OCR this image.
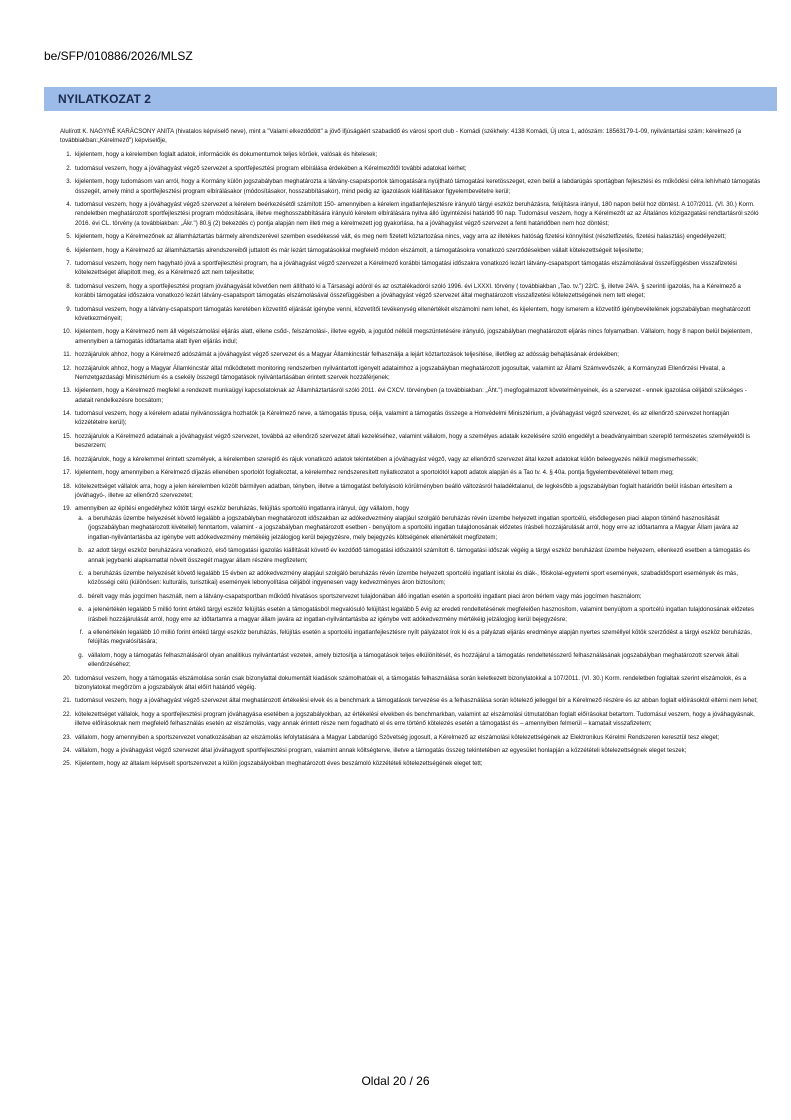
be/SFP/010886/2026/MLSZ
NYILATKOZAT 2

Alulírott K. NAGYNÉ KARÁCSONY ANITA (hivatalos képviselő neve), mint a "Valami elkezdődött" a jövő ifjúságáért szabadidő és városi sport club - Komádi (székhely: 4138 Komádi, Új utca 1, adószám: 18563179-1-09, nyilvántartási szám: kérelmező (a továbbiakban:„Kérelmező") képviselője,

1. kijelentem, hogy a kérelemben foglalt adatok, információk és dokumentumok teljes körűek, valósak és hitelesek;
2. tudomásul veszem, hogy a jóváhagyást végző szervezet a sportfejlesztési program elbírálása érdekében a Kérelmezőtől további adatokat kérhet;
3. kijelentem, hogy tudomásom van arról, hogy a Kormány külön jogszabályban meghatározta a látvány-csapatsportok támogatására nyújtható támogatási keretösszeget, ezen belül a labdarúgás sportágban fejlesztési és működési célra lehívható támogatás összegét, amely mind a sportfejlesztési program elbírálásakor (módosításakor, hosszabbításakor), mind pedig az igazolások kiállításakor figyelembevételre kerül;
4. tudomásul veszem, hogy a jóváhagyást végző szervezet a kérelem beérkezésétől számított 150- amennyiben a kérelem ingatlanfejlesztésre irányuló tárgyi eszköz beruházásra, felújításra irányul, 180 napon belül hoz döntést. A 107/2011. (VI. 30.) Korm. rendeletben meghatározott sportfejlesztési program módosítására, illetve meghosszabbítására irányuló kérelem elbírálására nyitva álló ügyintézési határidő 90 nap. Tudomásul veszem, hogy a Kérelmezőt az az Általános közigazgatási rendtartásról szóló 2016. évi CL. törvény (a továbbiakban: „Ákr.") 80.§ (2) bekezdés c) pontja alapján nem illeti meg a kérelmezett jog gyakorlása, ha a jóváhagyást végző szervezet a fenti határidőben nem hoz döntést;
5. kijelentem, hogy a Kérelmezőnek az államháztartás bármely alrendszerével szemben esedékessé vált, és meg nem fizetett köztartozása nincs, vagy arra az illetékes hatóság fizetési könnyítést (részletfizetés, fizetési halasztás) engedélyezett;
6. kijelentem, hogy a Kérelmező az államháztartás alrendszereiből juttatott és már lezárt támogatásokkal megfelelő módon elszámolt, a támogatásokra vonatkozó szerződésekben vállalt kötelezettségeit teljesítette;
7. tudomásul veszem, hogy nem hagyható jóvá a sportfejlesztési program, ha a jóváhagyást végző szervezet a Kérelmező korábbi támogatási időszakra vonatkozó lezárt látvány-csapatsport támogatás elszámolásával összefüggésben visszafizetési kötelezettséget állapított meg, és a Kérelmező azt nem teljesítette;
8. tudomásul veszem, hogy a sportfejlesztési program jóváhagyását követően nem állítható ki a Társasági adóról és az osztalékadóról szóló 1996. évi LXXXI. törvény ( továbbiakban „Tao. tv.") 22/C. §, illetve 24/A. § szerinti igazolás, ha a Kérelmező a korábbi támogatási időszakra vonatkozó lezárt látvány-csapatsport támogatás elszámolásával összefüggésben a jóváhagyást végző szervezet által meghatározott visszafizetési kötelezettségének nem tett eleget;
9. tudomásul veszem, hogy a látvány-csapatsport támogatás keretében közvetítő eljárását igénybe venni, közvetítői tevékenység ellenértékét elszámolni nem lehet, és kijelentem, hogy ismerem a közvetítő igénybevételének jogszabályban meghatározott következményeit;
10. kijelentem, hogy a Kérelmező nem áll végelszámolási eljárás alatt, ellene csőd-, felszámolási-, illetve egyéb, a jogutód nélküli megszüntetésére irányuló, jogszabályban meghatározott eljárás nincs folyamatban. Vállalom, hogy 8 napon belül bejelentem, amennyiben a támogatás időtartama alatt ilyen eljárás indul;
11. hozzájárulok ahhoz, hogy a Kérelmező adószámát a jóváhagyást végző szervezet és a Magyar Államkincstár felhasználja a lejárt köztartozások teljesítése, illetőleg az adósság behajtásának érdekében;
12. hozzájárulok ahhoz, hogy a Magyar Államkincstár által működtetett monitoring rendszerben nyilvántartott igényelt adataimhoz a jogszabályban meghatározott jogosultak, valamint az Állami Számvevőszék, a Kormányzati Ellenőrzési Hivatal, a Nemzetgazdasági Minisztérium és a csekély összegű támogatások nyilvántartásában érintett szervek hozzáférjenek;
13. kijelentem, hogy a Kérelmező megfelel a rendezett munkaügyi kapcsolatoknak az Államháztartásról szóló 2011. évi CXCV. törvényben (a továbbiakban: „Áht.") megfogalmazott követelményeinek, és a szervezet - ennek igazolása céljából szükséges - adatait rendelkezésre bocsátom;
14. tudomásul veszem, hogy a kérelem adatai nyilvánosságra hozhatók (a Kérelmező neve, a támogatás típusa, célja, valamint a támogatás összege a Honvédelmi Minisztérium, a jóváhagyást végző szervezet, és az ellenőrző szervezet honlapján közzétételre kerül);
15. hozzájárulok a Kérelmező adatainak a jóváhagyást végző szervezet, továbbá az ellenőrző szervezet általi kezeléséhez, valamint vállalom, hogy a személyes adataik kezelésére szóló engedélyt a beadványaimban szereplő természetes személyektől is beszerzem;
16. hozzájárulok, hogy a kérelemmel érintett személyek, a kérelemben szereplő és rájuk vonatkozó adatok tekintetében a jóváhagyást végző, vagy az ellenőrző szervezet által kezelt adatokat külön beleegyezés nélkül megismerhessék;
17. kijelentem, hogy amennyiben a Kérelmező díjazás ellenében sportolót foglalkoztat, a kérelemhez rendszeresített nyilatkozatot a sportolótól kapott adatok alapján és a Tao tv. 4. § 40a. pontja figyelembevételével tettem meg;
18. kötelezettséget vállalok arra, hogy a jelen kérelemben közölt bármilyen adatban, tényben, illetve a támogatást befolyásoló körülményben beálló változásról haladéktalanul, de legkésőbb a jogszabályban foglalt határidőn belül írásban értesítem a jóváhagyó-, illetve az ellenőrző szervezetet;
19. amennyiben az építési engedélyhez kötött tárgyi eszköz beruházás, felújítás sportcélú ingatlanra irányul, úgy vállalom, hogy
a. a beruházás üzembe helyezését követő legalább a jogszabályban meghatározott időszakban az adókedvezmény alapjául szolgáló beruházás révén üzembe helyezett ingatlan sportcélú, elsődlegesen piaci alapon történő hasznosítását (jogszabályban meghatározott kivétellel) fenntartom, valamint - a jogszabályban meghatározott esetben - benyújtom a sportcélú ingatlan tulajdonosának előzetes írásbeli hozzájárulását arról, hogy erre az időtartamra a Magyar Állam javára az ingatlan-nyilvántartásba az igénybe vett adókedvezmény mértékéig jelzálogjog kerül bejegyzésre, mely bejegyzés költségének ellenértékét megfizetem;
b. az adott tárgyi eszköz beruházásra vonatkozó, első támogatási igazolás kiállítását követő év kezdődő támogatási időszaktól számított 6. támogatási időszak végéig a tárgyi eszköz beruházást üzembe helyezem, ellenkező esetben a támogatás és annak jegybanki alapkamattal növelt összegét magyar állam részére megfizetem;
c. a beruházás üzembe helyezését követő legalább 15 évben az adókedvezmény alapjául szolgáló beruházás révén üzembe helyezett sportcélú ingatlant iskolai és diák-, főiskolai-egyetemi sport események, szabadidősport események és más, közösségi célú (különösen: kulturális, turisztikai) események lebonyolítása céljából ingyenesen vagy kedvezményes áron biztosítom;
d. bérelt vagy más jogcímen használt, nem a látvány-csapatsportban működő hivatásos sportszervezet tulajdonában álló ingatlan esetén a sportcélú ingatlant piaci áron bérlem vagy más jogcímen használom;
e. a jelenértékén legalább 5 millió forint értékű tárgyi eszköz felújítás esetén a támogatásból megvalósuló felújítást legalább 5 évig az eredeti rendeltetésének megfelelően hasznosítom, valamint benyújtom a sportcélú ingatlan tulajdonosának előzetes írásbeli hozzájárulását arról, hogy erre az időtartamra a magyar állam javára az ingatlan-nyilvántartásba az igénybe vett adókedvezmény mértékéig jelzálogjog kerül bejegyzésre;
f. a ellenértékén legalább 10 millió forint értékű tárgyi eszköz beruházás, felújítás esetén a sportcélú ingatlanfejlesztésre nyílt pályázatot írok ki és a pályázati eljárás eredménye alapján nyertes személlyel kötök szerződést a tárgyi eszköz beruházás, felújítás megvalósítására;
g. vállalom, hogy a támogatás felhasználásáról olyan analitikus nyilvántartást vezetek, amely biztosítja a támogatások teljes elkülönítését, és hozzájárul a támogatás rendeltetésszerű felhasználásának jogszabályban meghatározott szervek általi ellenőrzéséhez;
20. tudomásul veszem, hogy a támogatás elszámolása során csak bizonylattal dokumentált kiadások számolhatóak el, a támogatás felhasználása során keletkezett bizonylatokkal a 107/2011. (VI. 30.) Korm. rendeletben foglaltak szerint elszámolok, és a bizonylatokat megőrzöm a jogszabályok által előírt határidő végéig.
21. tudomásul veszem, hogy a jóváhagyást végző szervezet által meghatározott értékelési elvek és a benchmark a támogatások tervezése és a felhasználása során kötelező jelleggel bír a Kérelmező részére és az abban foglalt előírásoktól eltérni nem lehet;
22. kötelezettséget vállalok, hogy a sportfejlesztési program jóváhagyása esetében a jogszabályokban, az értékelési elvekben és benchmarkban, valamint az elszámolási útmutatóban foglalt előírásokat betartom. Tudomásul veszem, hogy a jóváhagyásnak, illetve előírásoknak nem megfelelő felhasználás esetén az elszámolás, vagy annak érintett része nem fogadható el és erre történő kötelezés esetén a támogatást és – amennyiben felmerül – kamatait visszafizetem;
23. vállalom, hogy amennyiben a sportszervezet vonatkozásában az elszámolás lefolytatására a Magyar Labdarúgó Szövetség jogosult, a Kérelmező az elszámolási kötelezettségének az Elektronikus Kérelmi Rendszeren keresztül tesz eleget;
24. vállalom, hogy a jóváhagyást végző szervezet által jóváhagyott sportfejlesztési program, valamint annak költségterve, illetve a támogatás összeg tekintetében az egyesület honlapján a közzétételi kötelezettségnek eleget teszek;
25. Kijelentem, hogy az általam képviselt sportszervezet a külön jogszabályokban meghatározott éves beszámoló közzétételi kötelezettségének eleget tett;
Oldal 20 / 26
